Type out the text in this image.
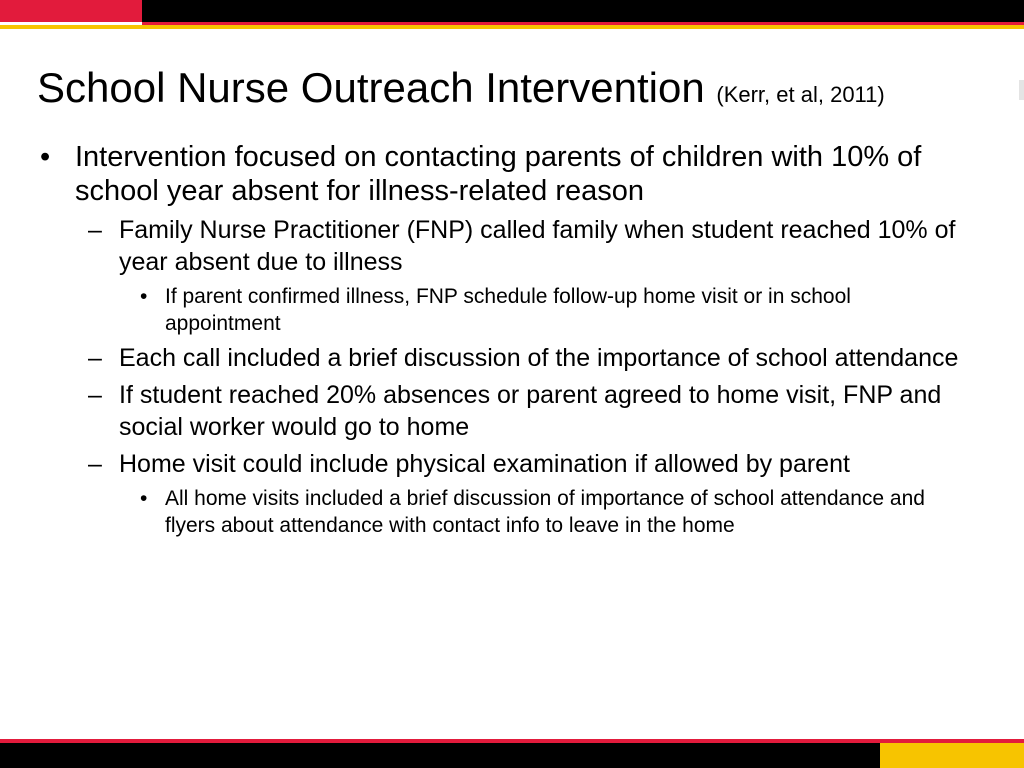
School Nurse Outreach Intervention (Kerr, et al, 2011)
• Intervention focused on contacting parents of children with 10% of school year absent for illness-related reason
– Family Nurse Practitioner (FNP) called family when student reached 10% of year absent due to illness
• If parent confirmed illness, FNP schedule follow-up home visit or in school appointment
– Each call included a brief discussion of the importance of school attendance
– If student reached 20% absences or parent agreed to home visit, FNP and social worker would go to home
– Home visit could include physical examination if allowed by parent
• All home visits included a brief discussion of importance of school attendance and flyers about attendance with contact info to leave in the home
